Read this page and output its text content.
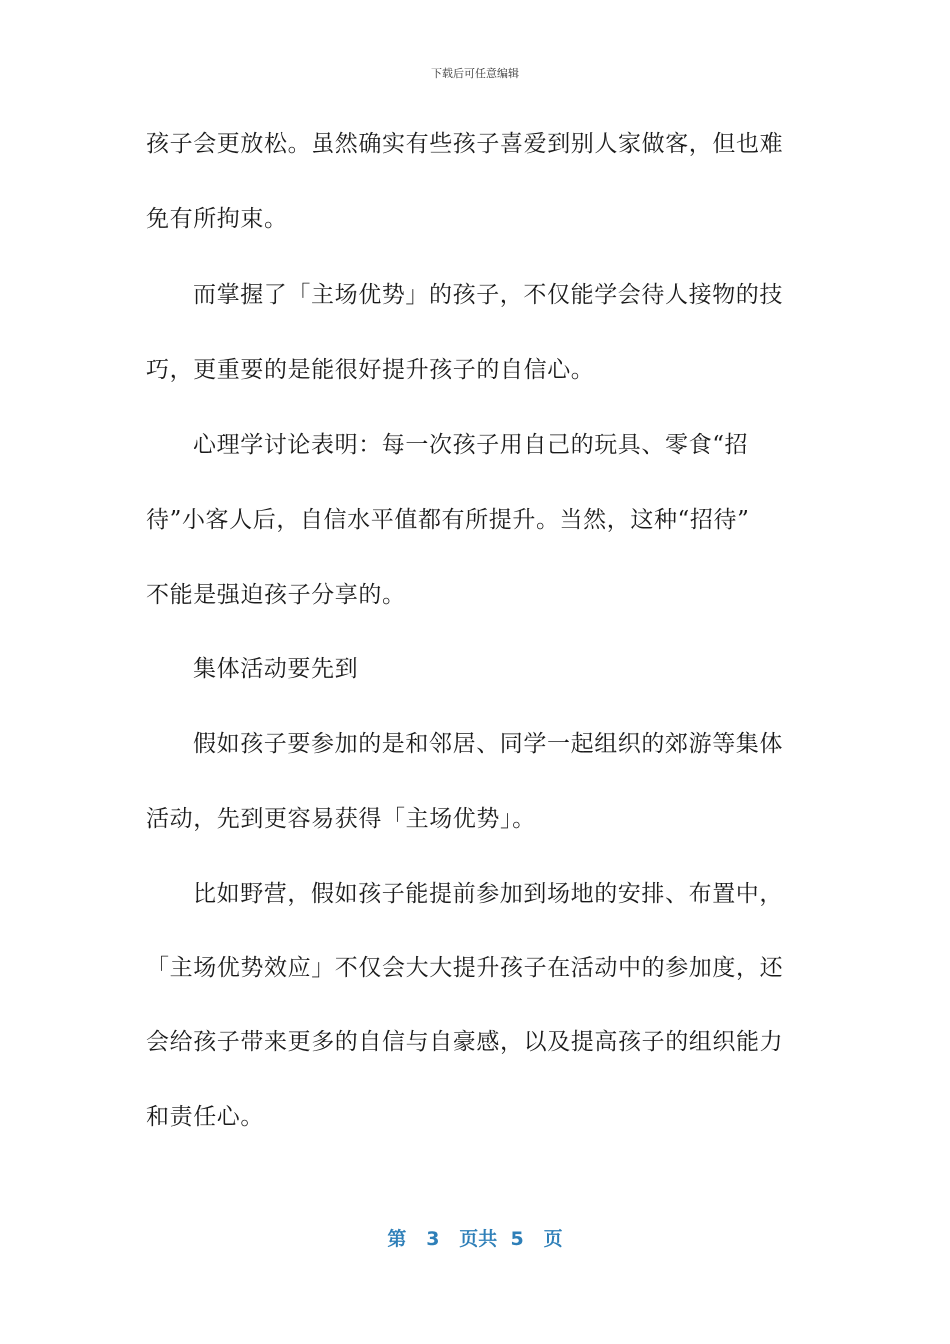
下载后可任意编辑
孩子会更放松。虽然确实有些孩子喜爱到别人家做客，但也难
免有所拘束。
而掌握了「主场优势」的孩子，不仅能学会待人接物的技
巧，更重要的是能很好提升孩子的自信心。
心理学讨论表明：每一次孩子用自己的玩具、零食“招
待”小客人后，自信水平值都有所提升。当然，这种“招待”
不能是强迫孩子分享的。
集体活动要先到
假如孩子要参加的是和邻居、同学一起组织的郊游等集体
活动，先到更容易获得「主场优势」。
比如野营，假如孩子能提前参加到场地的安排、布置中，
「主场优势效应」不仅会大大提升孩子在活动中的参加度，还
会给孩子带来更多的自信与自豪感，以及提高孩子的组织能力
和责任心。
第 3 页共 5 页
